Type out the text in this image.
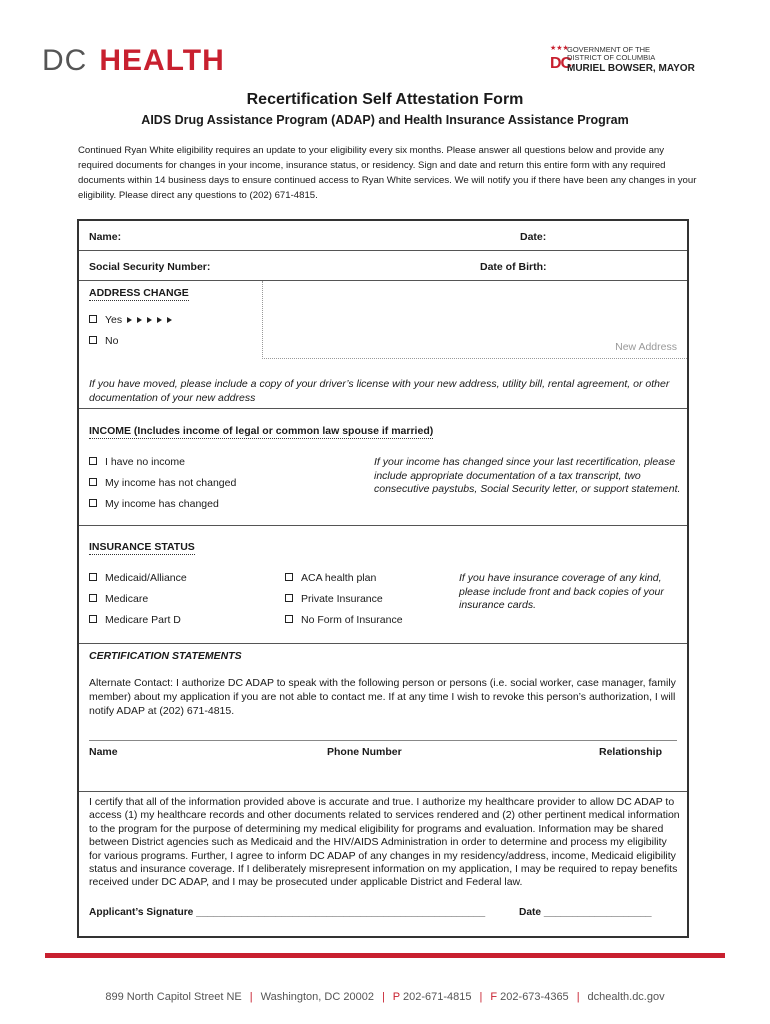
DC HEALTH	★★★
DC
GOVERNMENT OF THE
DISTRICT OF COLUMBIA
MURIEL BOWSER, MAYOR
Recertification Self Attestation Form
AIDS Drug Assistance Program (ADAP) and Health Insurance Assistance Program
Continued Ryan White eligibility requires an update to your eligibility every six months. Please answer all questions below and provide any required documents for changes in your income, insurance status, or residency. Sign and date and return this entire form with any required documents within 14 business days to ensure continued access to Ryan White services. We will notify you if there have been any changes in your eligibility. Please direct any questions to (202) 671-4815.
Name:	Date:
Social Security Number:	Date of Birth:
New Address
ADDRESS CHANGE
Yes
No
If you have moved, please include a copy of your driver’s license with your new address, utility bill, rental agreement, or other documentation of your new address
INCOME (Includes income of legal or common law spouse if married)
I have no income
My income has not changed
My income has changed
If your income has changed since your last recertification, please include appropriate documentation of a tax transcript, two consecutive paystubs, Social Security letter, or support statement.
INSURANCE STATUS
Medicaid/Alliance
Medicare
Medicare Part D
ACA health plan
Private Insurance
No Form of Insurance
If you have insurance coverage of any kind, please include front and back copies of your insurance cards.
CERTIFICATION STATEMENTS
Alternate Contact: I authorize DC ADAP to speak with the following person or persons (i.e. social worker, case manager, family member) about my application if you are not able to contact me. If at any time I wish to revoke this person’s authorization, I will notify ADAP at (202) 671-4815.
Name	Phone Number	Relationship
I certify that all of the information provided above is accurate and true. I authorize my healthcare provider to allow DC ADAP to access (1) my healthcare records and other documents related to services rendered and (2) other pertinent medical information to the program for the purpose of determining my medical eligibility for programs and evaluation. Information may be shared between District agencies such as Medicaid and the HIV/AIDS Administration in order to determine and process my eligibility for various programs. Further, I agree to inform DC ADAP of any changes in my residency/address, income, Medicaid eligibility status and insurance coverage. If I deliberately misrepresent information on my application, I may be required to repay benefits received under DC ADAP, and I may be prosecuted under applicable District and Federal law.
Applicant’s Signature ___________________________________________________	Date ___________________
899 North Capitol Street NE | Washington, DC 20002 | P 202-671-4815 | F 202-673-4365 | dchealth.dc.gov
